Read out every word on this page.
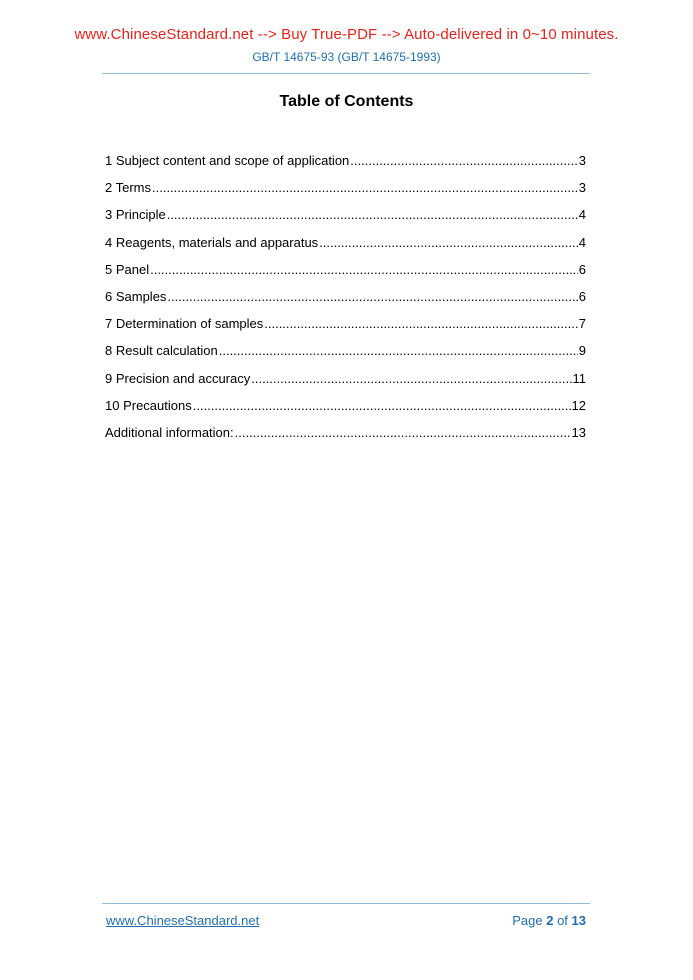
www.ChineseStandard.net --> Buy True-PDF --> Auto-delivered in 0~10 minutes.
GB/T 14675-93 (GB/T 14675-1993)
Table of Contents
1 Subject content and scope of application .....	3
2 Terms .....	3
3 Principle .....	4
4 Reagents, materials and apparatus .....	4
5 Panel .....	6
6 Samples .....	6
7 Determination of samples .....	7
8 Result calculation .....	9
9 Precision and accuracy .....	11
10 Precautions .....	12
Additional information: .....	13
www.ChineseStandard.net	Page 2 of 13
